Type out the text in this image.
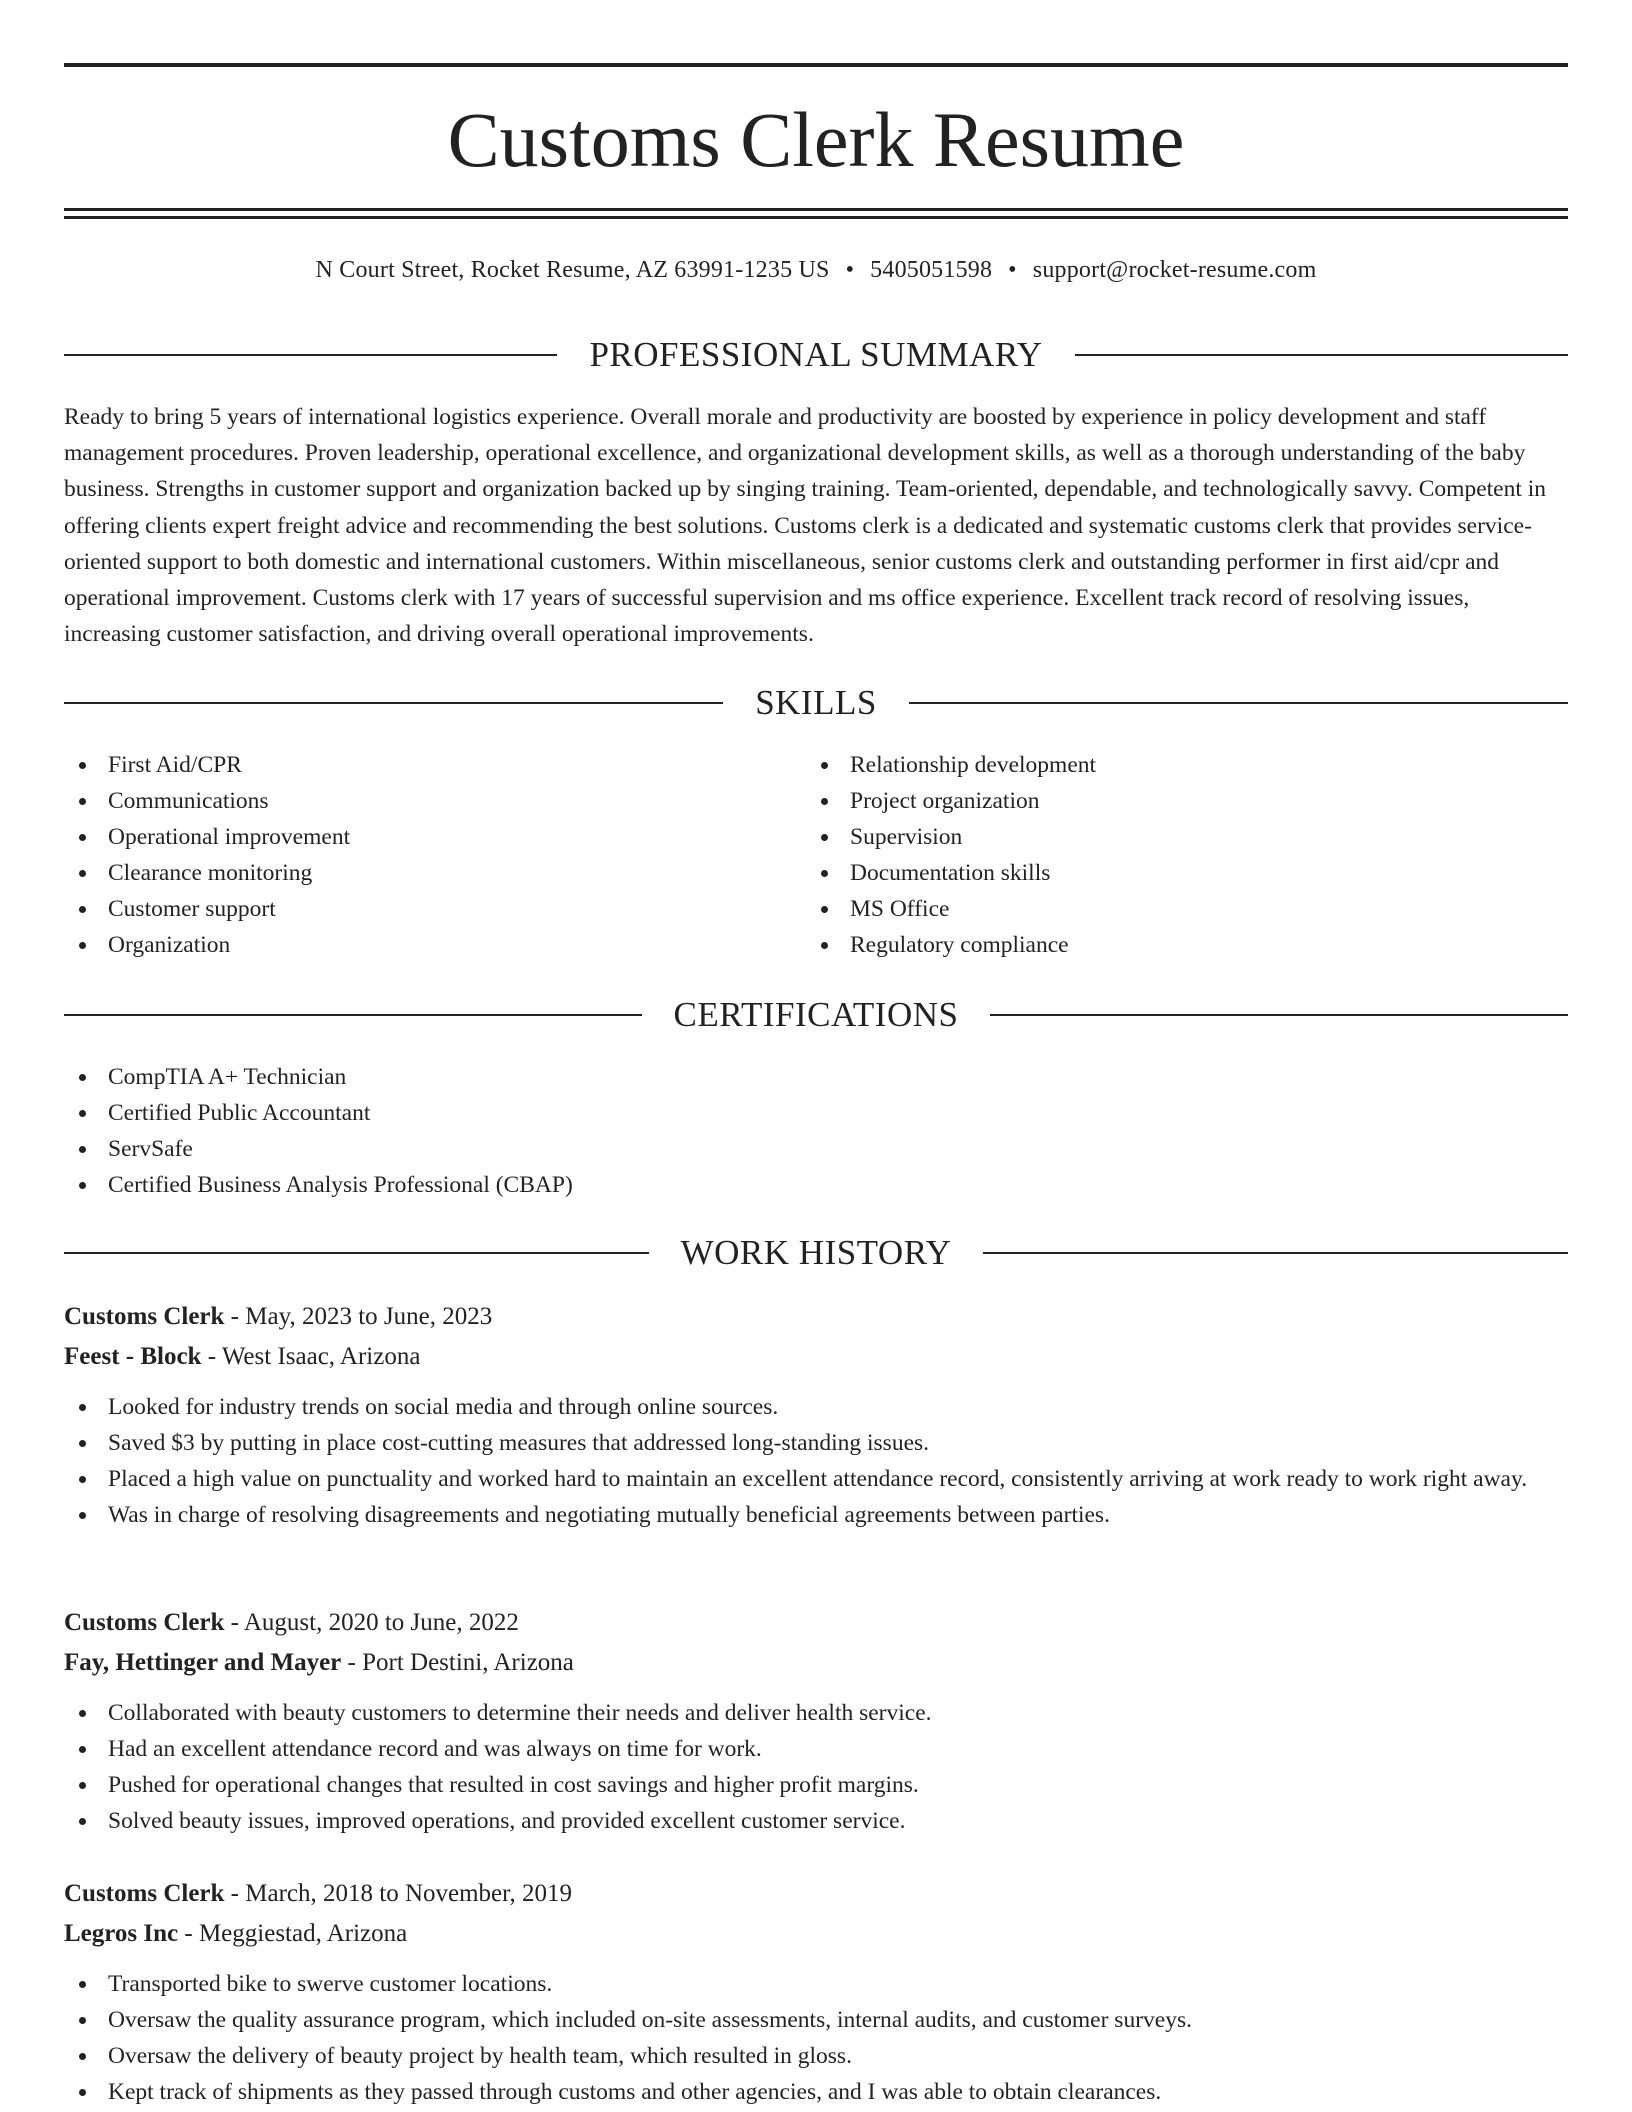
Customs Clerk Resume
N Court Street, Rocket Resume, AZ 63991-1235 US • 5405051598 • support@rocket-resume.com
PROFESSIONAL SUMMARY

Ready to bring 5 years of international logistics experience. Overall morale and productivity are boosted by experience in policy development and staff management procedures. Proven leadership, operational excellence, and organizational development skills, as well as a thorough understanding of the baby business. Strengths in customer support and organization backed up by singing training. Team-oriented, dependable, and technologically savvy. Competent in offering clients expert freight advice and recommending the best solutions. Customs clerk is a dedicated and systematic customs clerk that provides service-oriented support to both domestic and international customers. Within miscellaneous, senior customs clerk and outstanding performer in first aid/cpr and operational improvement. Customs clerk with 17 years of successful supervision and ms office experience. Excellent track record of resolving issues, increasing customer satisfaction, and driving overall operational improvements.

SKILLS
First Aid/CPR
Communications
Operational improvement
Clearance monitoring
Customer support
Organization
Relationship development
Project organization
Supervision
Documentation skills
MS Office
Regulatory compliance
CERTIFICATIONS
CompTIA A+ Technician
Certified Public Accountant
ServSafe
Certified Business Analysis Professional (CBAP)
WORK HISTORY

Customs Clerk - May, 2023 to June, 2023

Feest - Block - West Isaac, Arizona

Looked for industry trends on social media and through online sources.
Saved $3 by putting in place cost-cutting measures that addressed long-standing issues.
Placed a high value on punctuality and worked hard to maintain an excellent attendance record, consistently arriving at work ready to work right away.
Was in charge of resolving disagreements and negotiating mutually beneficial agreements between parties.

Customs Clerk - August, 2020 to June, 2022

Fay, Hettinger and Mayer - Port Destini, Arizona

Collaborated with beauty customers to determine their needs and deliver health service.
Had an excellent attendance record and was always on time for work.
Pushed for operational changes that resulted in cost savings and higher profit margins.
Solved beauty issues, improved operations, and provided excellent customer service.

Customs Clerk - March, 2018 to November, 2019

Legros Inc - Meggiestad, Arizona

Transported bike to swerve customer locations.
Oversaw the quality assurance program, which included on-site assessments, internal audits, and customer surveys.
Oversaw the delivery of beauty project by health team, which resulted in gloss.
Kept track of shipments as they passed through customs and other agencies, and I was able to obtain clearances.
